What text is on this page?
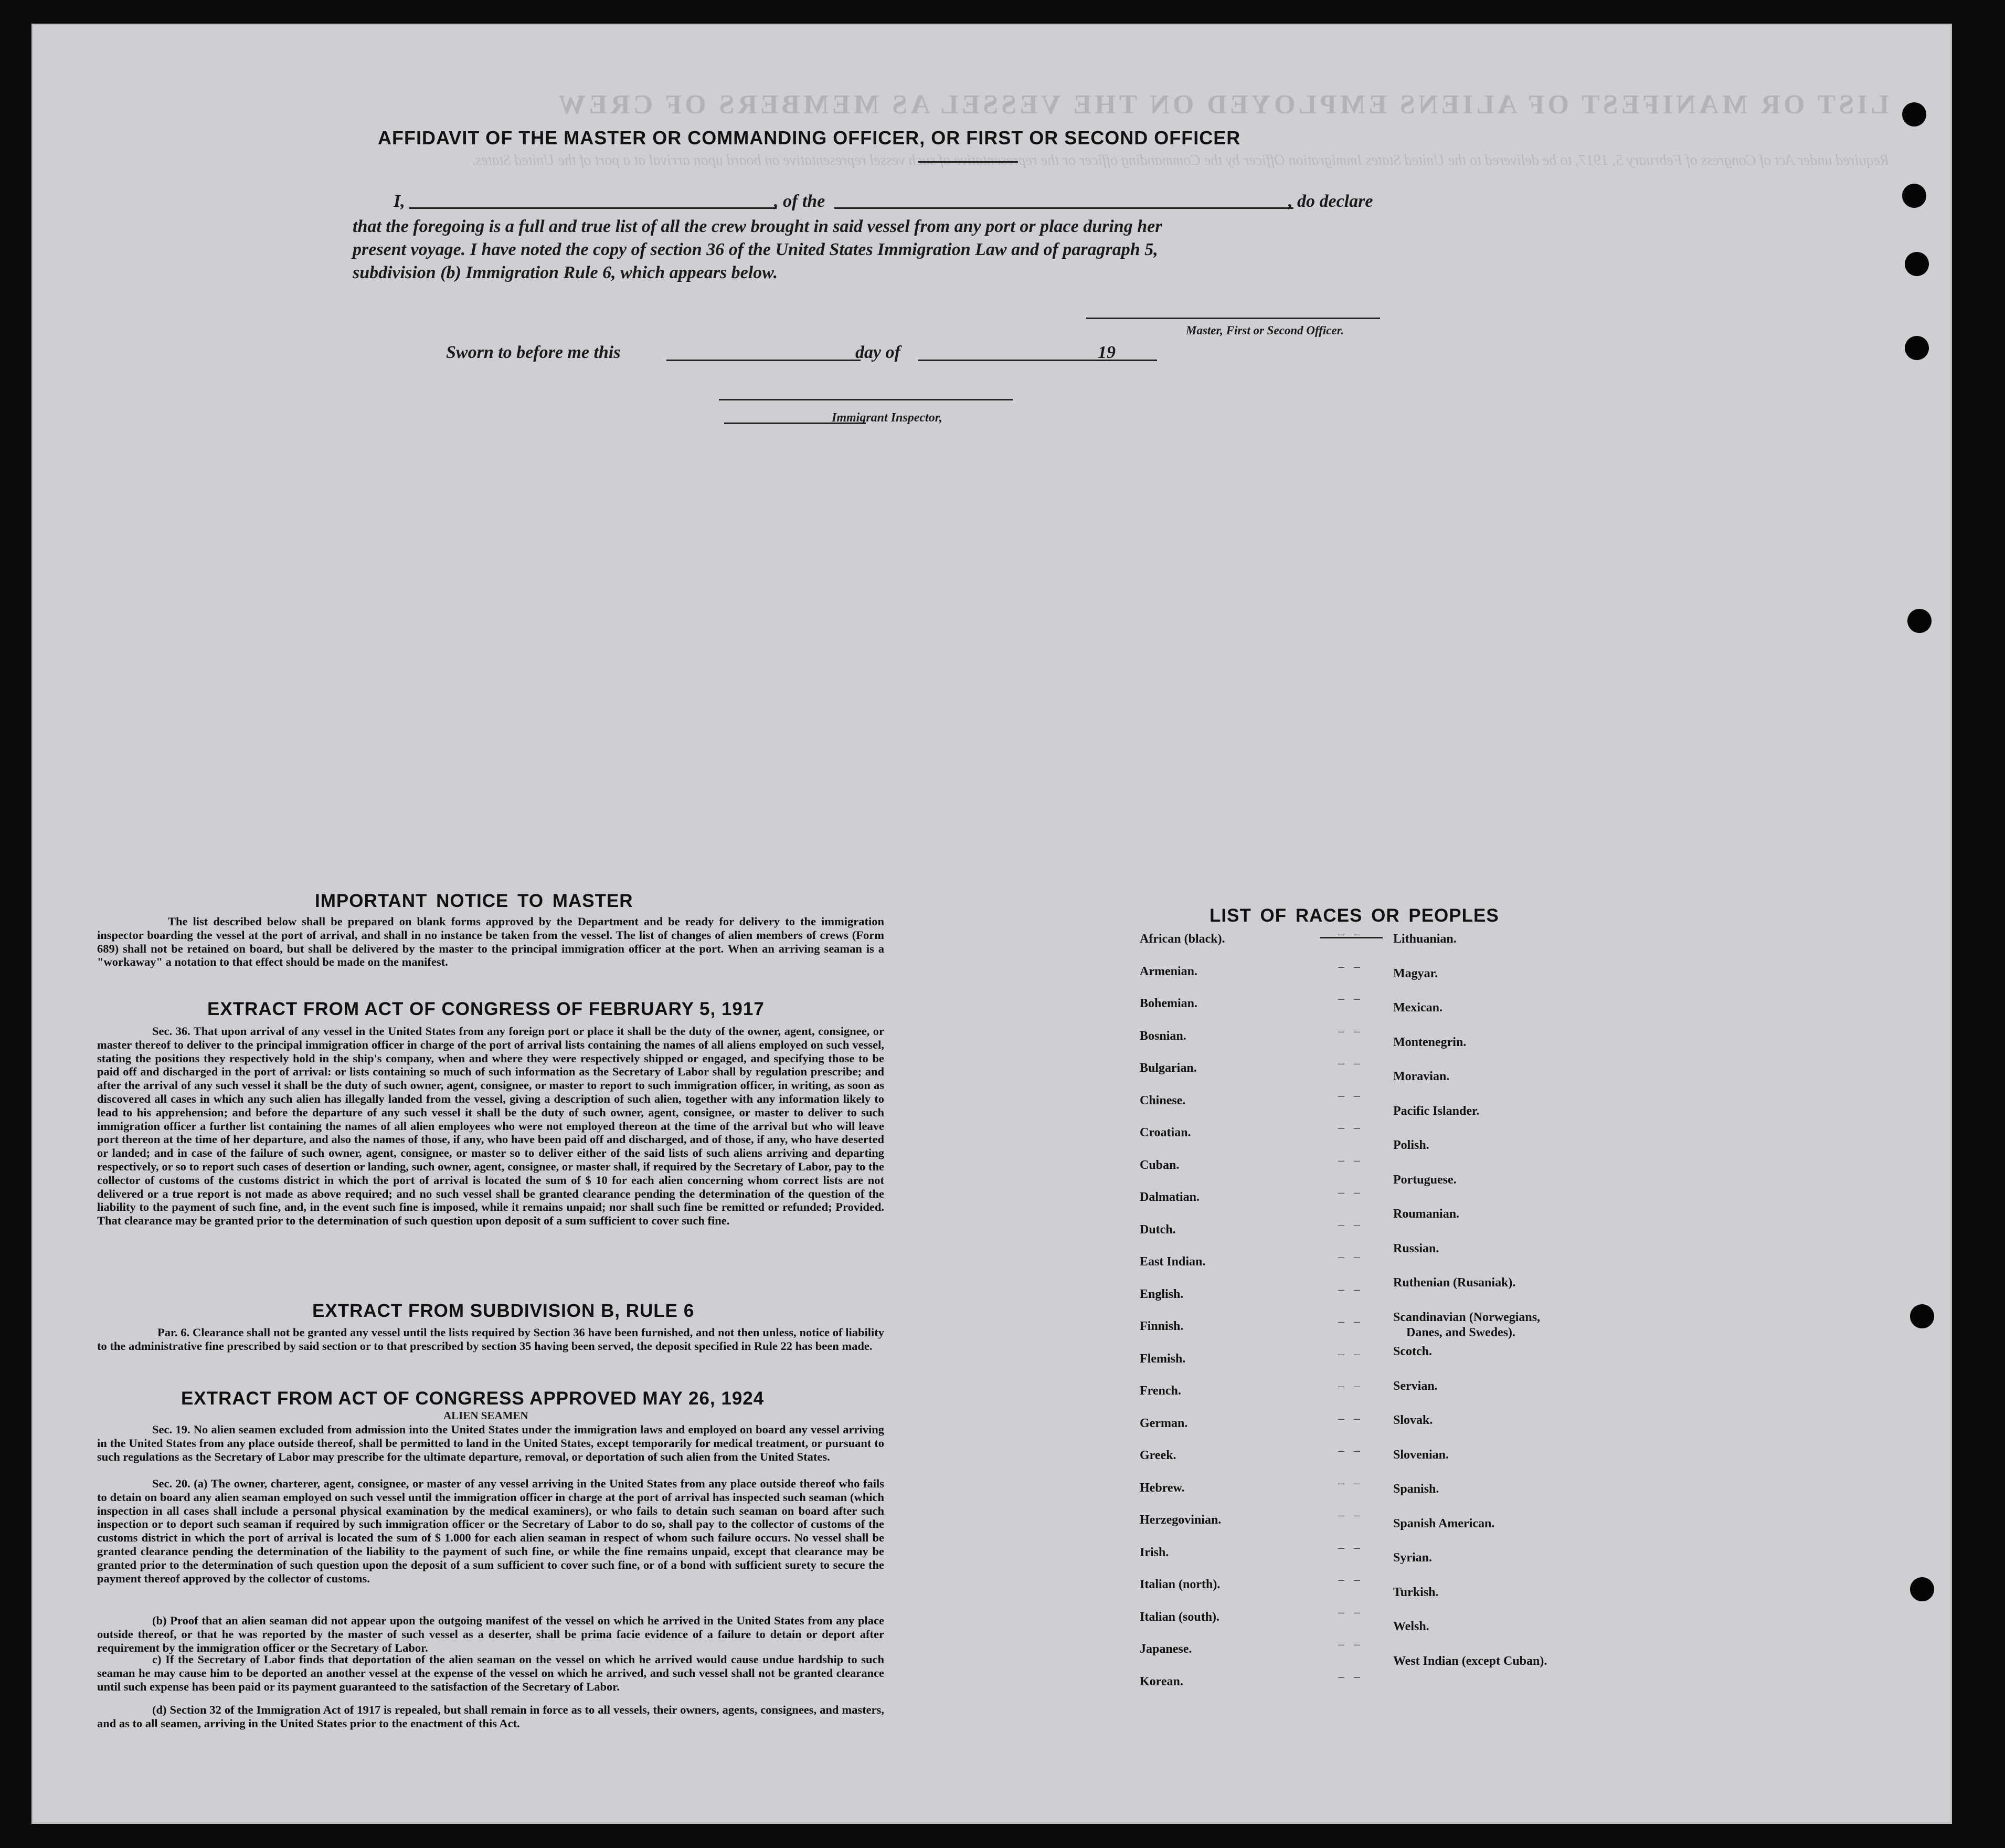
LIST OR MANIFEST OF ALIENS EMPLOYED ON THE VESSEL AS MEMBERS OF CREW
Required under Act of Congress of February 5, 1917, to be delivered to the United States Immigration Officer by the Commanding officer or the representative of such vessel representative on board upon arrival at a port of the United States.
AFFIDAVIT OF THE MASTER OR COMMANDING OFFICER, OR FIRST OR SECOND OFFICER
I,	, of the	, do declare
that the foregoing is a full and true list of all the crew brought in said vessel from any port or place during her
present voyage. I have noted the copy of section 36 of the United States Immigration Law and of paragraph 5,
subdivision (b) Immigration Rule 6, which appears below.
Master, First or Second Officer.
Sworn to before me this	day of	19
Immigrant Inspector,
IMPORTANT NOTICE TO MASTER
The list described below shall be prepared on blank forms approved by the Department and be ready for delivery to the immigration inspector boarding the vessel at the port of arrival, and shall in no instance be taken from the vessel. The list of changes of alien members of crews (Form 689) shall not be retained on board, but shall be delivered by the master to the principal immigration officer at the port. When an arriving seaman is a "workaway" a notation to that effect should be made on the manifest.
EXTRACT FROM ACT OF CONGRESS OF FEBRUARY 5, 1917
Sec. 36. That upon arrival of any vessel in the United States from any foreign port or place it shall be the duty of the owner, agent, consignee, or master thereof to deliver to the principal immigration officer in charge of the port of arrival lists containing the names of all aliens employed on such vessel, stating the positions they respectively hold in the ship's company, when and where they were respectively shipped or engaged, and specifying those to be paid off and discharged in the port of arrival: or lists containing so much of such information as the Secretary of Labor shall by regulation prescribe; and after the arrival of any such vessel it shall be the duty of such owner, agent, consignee, or master to report to such immigration officer, in writing, as soon as discovered all cases in which any such alien has illegally landed from the vessel, giving a description of such alien, together with any information likely to lead to his apprehension; and before the departure of any such vessel it shall be the duty of such owner, agent, consignee, or master to deliver to such immigration officer a further list containing the names of all alien employees who were not employed thereon at the time of the arrival but who will leave port thereon at the time of her departure, and also the names of those, if any, who have been paid off and discharged, and of those, if any, who have deserted or landed; and in case of the failure of such owner, agent, consignee, or master so to deliver either of the said lists of such aliens arriving and departing respectively, or so to report such cases of desertion or landing, such owner, agent, consignee, or master shall, if required by the Secretary of Labor, pay to the collector of customs of the customs district in which the port of arrival is located the sum of $ 10 for each alien concerning whom correct lists are not delivered or a true report is not made as above required; and no such vessel shall be granted clearance pending the determination of the question of the liability to the payment of such fine, and, in the event such fine is imposed, while it remains unpaid; nor shall such fine be remitted or refunded; Provided. That clearance may be granted prior to the determination of such question upon deposit of a sum sufficient to cover such fine.
EXTRACT FROM SUBDIVISION B, RULE 6
Par. 6. Clearance shall not be granted any vessel until the lists required by Section 36 have been furnished, and not then unless, notice of liability to the administrative fine prescribed by said section or to that prescribed by section 35 having been served, the deposit specified in Rule 22 has been made.
EXTRACT FROM ACT OF CONGRESS APPROVED MAY 26, 1924
ALIEN SEAMEN
Sec. 19. No alien seamen excluded from admission into the United States under the immigration laws and employed on board any vessel arriving in the United States from any place outside thereof, shall be permitted to land in the United States, except temporarily for medical treatment, or pursuant to such regulations as the Secretary of Labor may prescribe for the ultimate departure, removal, or deportation of such alien from the United States.
Sec. 20. (a) The owner, charterer, agent, consignee, or master of any vessel arriving in the United States from any place outside thereof who fails to detain on board any alien seaman employed on such vessel until the immigration officer in charge at the port of arrival has inspected such seaman (which inspection in all cases shall include a personal physical examination by the medical examiners), or who fails to detain such seaman on board after such inspection or to deport such seaman if required by such immigration officer or the Secretary of Labor to do so, shall pay to the collector of customs of the customs district in which the port of arrival is located the sum of $ 1.000 for each alien seaman in respect of whom such failure occurs. No vessel shall be granted clearance pending the determination of the liability to the payment of such fine, or while the fine remains unpaid, except that clearance may be granted prior to the determination of such question upon the deposit of a sum sufficient to cover such fine, or of a bond with sufficient surety to secure the payment thereof approved by the collector of customs.
(b) Proof that an alien seaman did not appear upon the outgoing manifest of the vessel on which he arrived in the United States from any place outside thereof, or that he was reported by the master of such vessel as a deserter, shall be prima facie evidence of a failure to detain or deport after requirement by the immigration officer or the Secretary of Labor.
c) If the Secretary of Labor finds that deportation of the alien seaman on the vessel on which he arrived would cause undue hardship to such seaman he may cause him to be deported an another vessel at the expense of the vessel on which he arrived, and such vessel shall not be granted clearance until such expense has been paid or its payment guaranteed to the satisfaction of the Secretary of Labor.
(d) Section 32 of the Immigration Act of 1917 is repealed, but shall remain in force as to all vessels, their owners, agents, consignees, and masters, and as to all seamen, arriving in the United States prior to the enactment of this Act.
LIST OF RACES OR PEOPLES
African (black).	– –
Armenian.	– –
Bohemian.	– –
Bosnian.	– –
Bulgarian.	– –
Chinese.	– –
Croatian.	– –
Cuban.	– –
Dalmatian.	– –
Dutch.	– –
East Indian.	– –
English.	– –
Finnish.	– –
Flemish.	– –
French.	– –
German.	– –
Greek.	– –
Hebrew.	– –
Herzegovinian.	– –
Irish.	– –
Italian (north).	– –
Italian (south).	– –
Japanese.	– –
Korean.	– –
Lithuanian.
Magyar.
Mexican.
Montenegrin.
Moravian.
Pacific Islander.
Polish.
Portuguese.
Roumanian.
Russian.
Ruthenian (Rusaniak).
Scandinavian (Norwegians,
Danes, and Swedes).
Scotch.
Servian.
Slovak.
Slovenian.
Spanish.
Spanish American.
Syrian.
Turkish.
Welsh.
West Indian (except Cuban).
